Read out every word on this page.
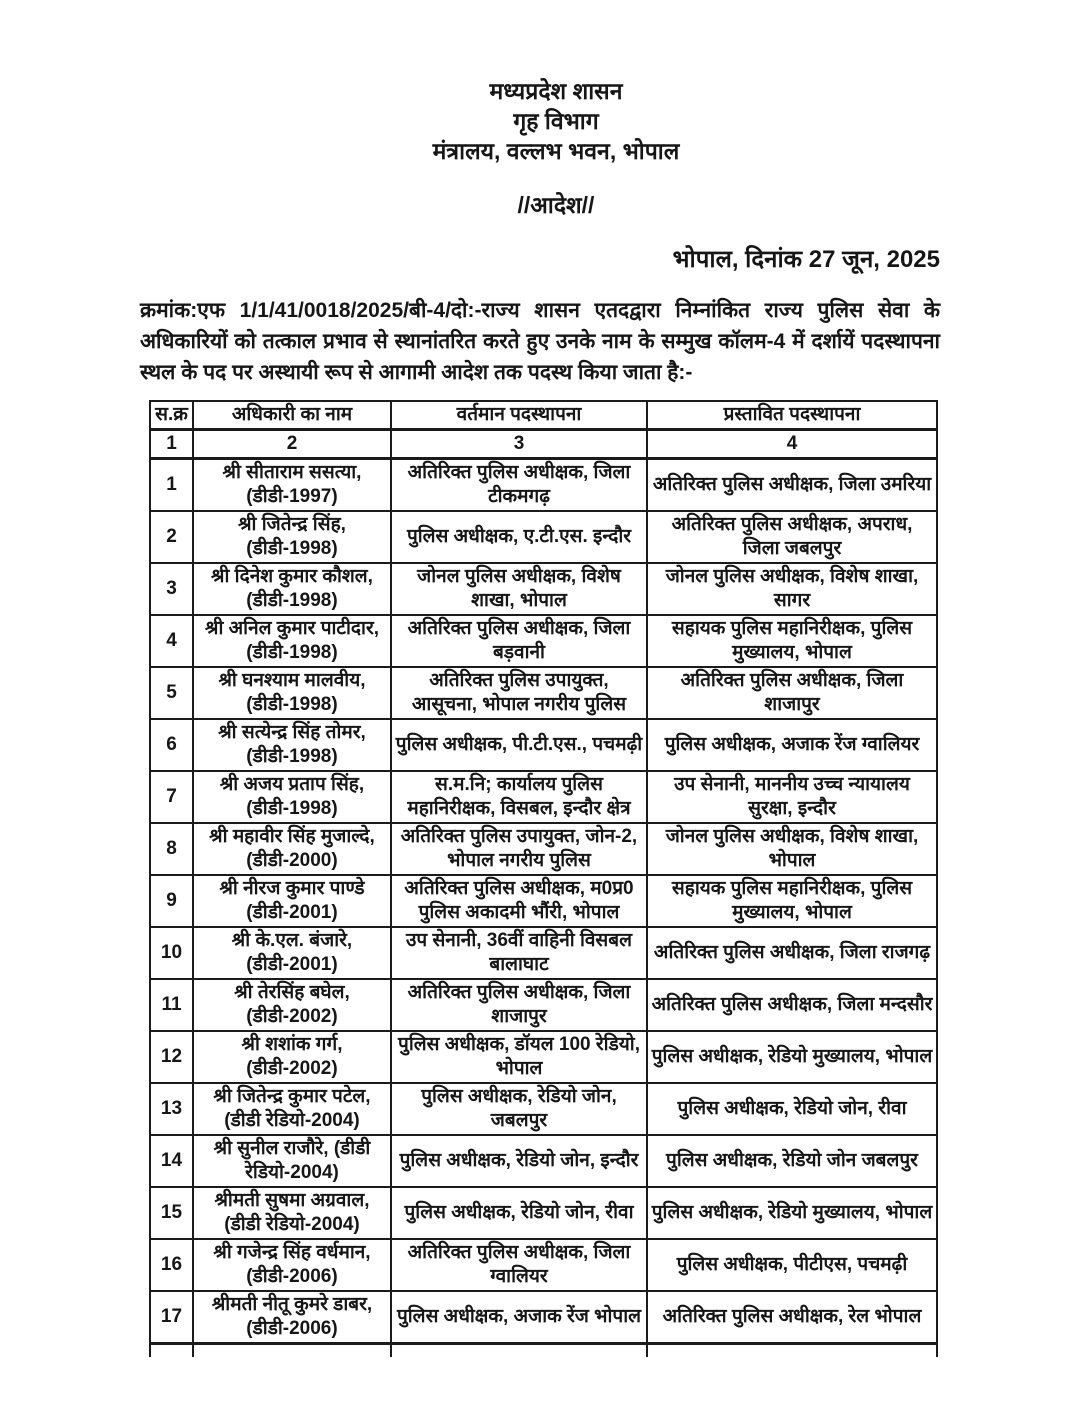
मध्यप्रदेश शासन
गृह विभाग
मंत्रालय, वल्लभ भवन, भोपाल
//आदेश//
भोपाल, दिनांक 27 जून, 2025

क्रमांक:एफ 1/1/41/0018/2025/बी-4/दो:-राज्य शासन एतदद्वारा निम्नांकित राज्य पुलिस सेवा के अधिकारियों को तत्काल प्रभाव से स्थानांतरित करते हुए उनके नाम के सम्मुख कॉलम-4 में दर्शायें पदस्थापना स्थल के पद पर अस्थायी रूप से आगामी आदेश तक पदस्थ किया जाता है:-

स.क्र	अधिकारी का नाम	वर्तमान पदस्थापना	प्रस्तावित पदस्थापना
1	2	3	4
1	श्री सीताराम ससत्या, (डीडी-1997)	अतिरिक्त पुलिस अधीक्षक, जिला टीकमगढ़	अतिरिक्त पुलिस अधीक्षक, जिला उमरिया
2	श्री जितेन्द्र सिंह, (डीडी-1998)	पुलिस अधीक्षक, ए.टी.एस. इन्दौर	अतिरिक्त पुलिस अधीक्षक, अपराध, जिला जबलपुर
3	श्री दिनेश कुमार कौशल, (डीडी-1998)	जोनल पुलिस अधीक्षक, विशेष शाखा, भोपाल	जोनल पुलिस अधीक्षक, विशेष शाखा, सागर
4	श्री अनिल कुमार पाटीदार, (डीडी-1998)	अतिरिक्त पुलिस अधीक्षक, जिला बड़वानी	सहायक पुलिस महानिरीक्षक, पुलिस मुख्यालय, भोपाल
5	श्री घनश्याम मालवीय, (डीडी-1998)	अतिरिक्त पुलिस उपायुक्त, आसूचना, भोपाल नगरीय पुलिस	अतिरिक्त पुलिस अधीक्षक, जिला शाजापुर
6	श्री सत्येन्द्र सिंह तोमर, (डीडी-1998)	पुलिस अधीक्षक, पी.टी.एस., पचमढ़ी	पुलिस अधीक्षक, अजाक रेंज ग्वालियर
7	श्री अजय प्रताप सिंह, (डीडी-1998)	स.म.नि; कार्यालय पुलिस महानिरीक्षक, विसबल, इन्दौर क्षेत्र	उप सेनानी, माननीय उच्च न्यायालय सुरक्षा, इन्दौर
8	श्री महावीर सिंह मुजाल्दे, (डीडी-2000)	अतिरिक्त पुलिस उपायुक्त, जोन-2, भोपाल नगरीय पुलिस	जोनल पुलिस अधीक्षक, विशेष शाखा, भोपाल
9	श्री नीरज कुमार पाण्डे (डीडी-2001)	अतिरिक्त पुलिस अधीक्षक, म0प्र0 पुलिस अकादमी भौंरी, भोपाल	सहायक पुलिस महानिरीक्षक, पुलिस मुख्यालय, भोपाल
10	श्री के.एल. बंजारे, (डीडी-2001)	उप सेनानी, 36वीं वाहिनी विसबल बालाघाट	अतिरिक्त पुलिस अधीक्षक, जिला राजगढ़
11	श्री तेरसिंह बघेल, (डीडी-2002)	अतिरिक्त पुलिस अधीक्षक, जिला शाजापुर	अतिरिक्त पुलिस अधीक्षक, जिला मन्दसौर
12	श्री शशांक गर्ग, (डीडी-2002)	पुलिस अधीक्षक, डॉयल 100 रेडियो, भोपाल	पुलिस अधीक्षक, रेडियो मुख्यालय, भोपाल
13	श्री जितेन्द्र कुमार पटेल, (डीडी रेडियो-2004)	पुलिस अधीक्षक, रेडियो जोन, जबलपुर	पुलिस अधीक्षक, रेडियो जोन, रीवा
14	श्री सुनील राजौरे, (डीडी रेडियो-2004)	पुलिस अधीक्षक, रेडियो जोन, इन्दौर	पुलिस अधीक्षक, रेडियो जोन जबलपुर
15	श्रीमती सुषमा अग्रवाल, (डीडी रेडियो-2004)	पुलिस अधीक्षक, रेडियो जोन, रीवा	पुलिस अधीक्षक, रेडियो मुख्यालय, भोपाल
16	श्री गजेन्द्र सिंह वर्धमान, (डीडी-2006)	अतिरिक्त पुलिस अधीक्षक, जिला ग्वालियर	पुलिस अधीक्षक, पीटीएस, पचमढ़ी
17	श्रीमती नीतू कुमरे डाबर, (डीडी-2006)	पुलिस अधीक्षक, अजाक रेंज भोपाल	अतिरिक्त पुलिस अधीक्षक, रेल भोपाल
